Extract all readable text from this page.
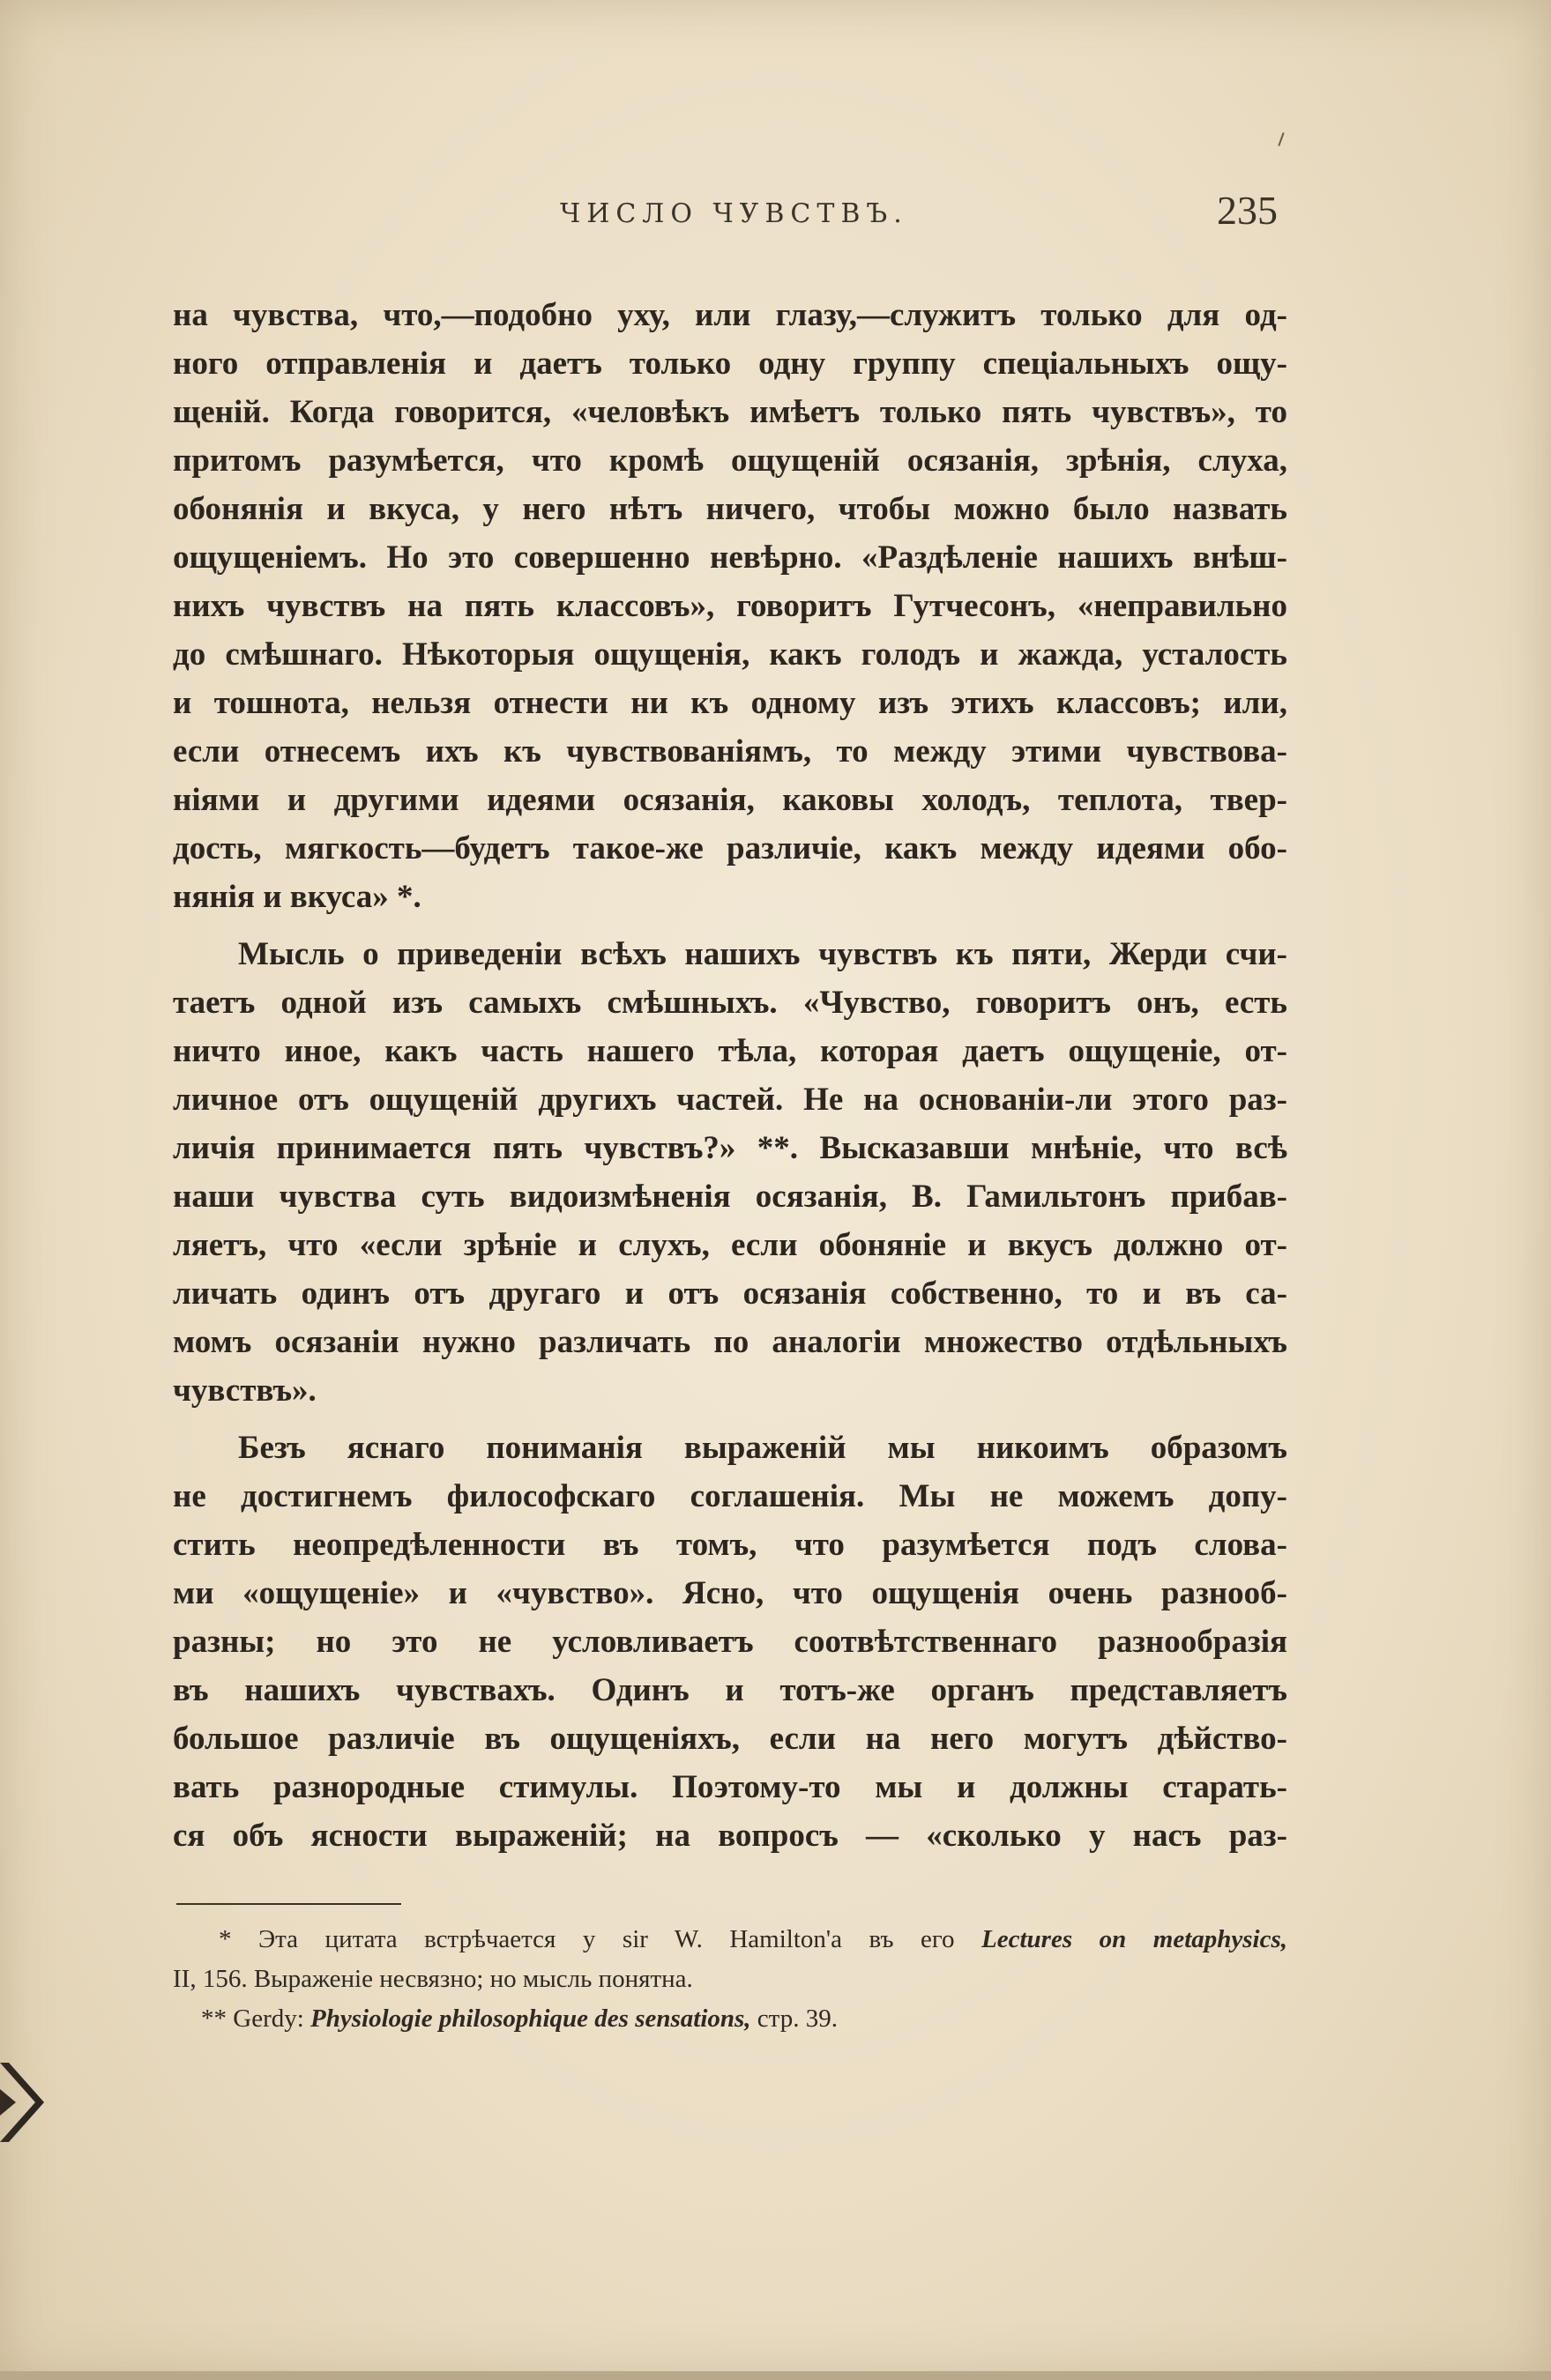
ЧИСЛО ЧУВСТВЪ.	235
на чувства, что,—подобно уху, или глазу,—служитъ только для од-
ного отправленія и даетъ только одну группу спеціальныхъ ощу-
щеній. Когда говорится, «человѣкъ имѣетъ только пять чувствъ», то
притомъ разумѣется, что кромѣ ощущеній осязанія, зрѣнія, слуха,
обонянія и вкуса, у него нѣтъ ничего, чтобы можно было назвать
ощущеніемъ. Но это совершенно невѣрно. «Раздѣленіе нашихъ внѣш-
нихъ чувствъ на пять классовъ», говоритъ Гутчесонъ, «неправильно
до смѣшнаго. Нѣкоторыя ощущенія, какъ голодъ и жажда, усталость
и тошнота, нельзя отнести ни къ одному изъ этихъ классовъ; или,
если отнесемъ ихъ къ чувствованіямъ, то между этими чувствова-
ніями и другими идеями осязанія, каковы холодъ, теплота, твер-
дость, мягкость—будетъ такое-же различіе, какъ между идеями обо-
нянія и вкуса» *.
Мысль о приведеніи всѣхъ нашихъ чувствъ къ пяти, Жерди счи-
таетъ одной изъ самыхъ смѣшныхъ. «Чувство, говоритъ онъ, есть
ничто иное, какъ часть нашего тѣла, которая даетъ ощущеніе, от-
личное отъ ощущеній другихъ частей. Не на основаніи-ли этого раз-
личія принимается пять чувствъ?» **. Высказавши мнѣніе, что всѣ
наши чувства суть видоизмѣненія осязанія, В. Гамильтонъ прибав-
ляетъ, что «если зрѣніе и слухъ, если обоняніе и вкусъ должно от-
личать одинъ отъ другаго и отъ осязанія собственно, то и въ са-
момъ осязаніи нужно различать по аналогіи множество отдѣльныхъ
чувствъ».
Безъ яснаго пониманія выраженій мы никоимъ образомъ
не достигнемъ философскаго соглашенія. Мы не можемъ допу-
стить неопредѣленности въ томъ, что разумѣется подъ слова-
ми «ощущеніе» и «чувство». Ясно, что ощущенія очень разнооб-
разны; но это не условливаетъ соотвѣтственнаго разнообразія
въ нашихъ чувствахъ. Одинъ и тотъ-же органъ представляетъ
большое различіе въ ощущеніяхъ, если на него могутъ дѣйство-
вать разнородные стимулы. Поэтому-то мы и должны старать-
ся объ ясности выраженій; на вопросъ — «сколько у насъ раз-
* Эта цитата встрѣчается у sir W. Hamilton'a въ его Lectures on metaphysics,
II, 156. Выраженіе несвязно; но мысль понятна.
** Gerdy: Physiologie philosophique des sensations, стр. 39.
